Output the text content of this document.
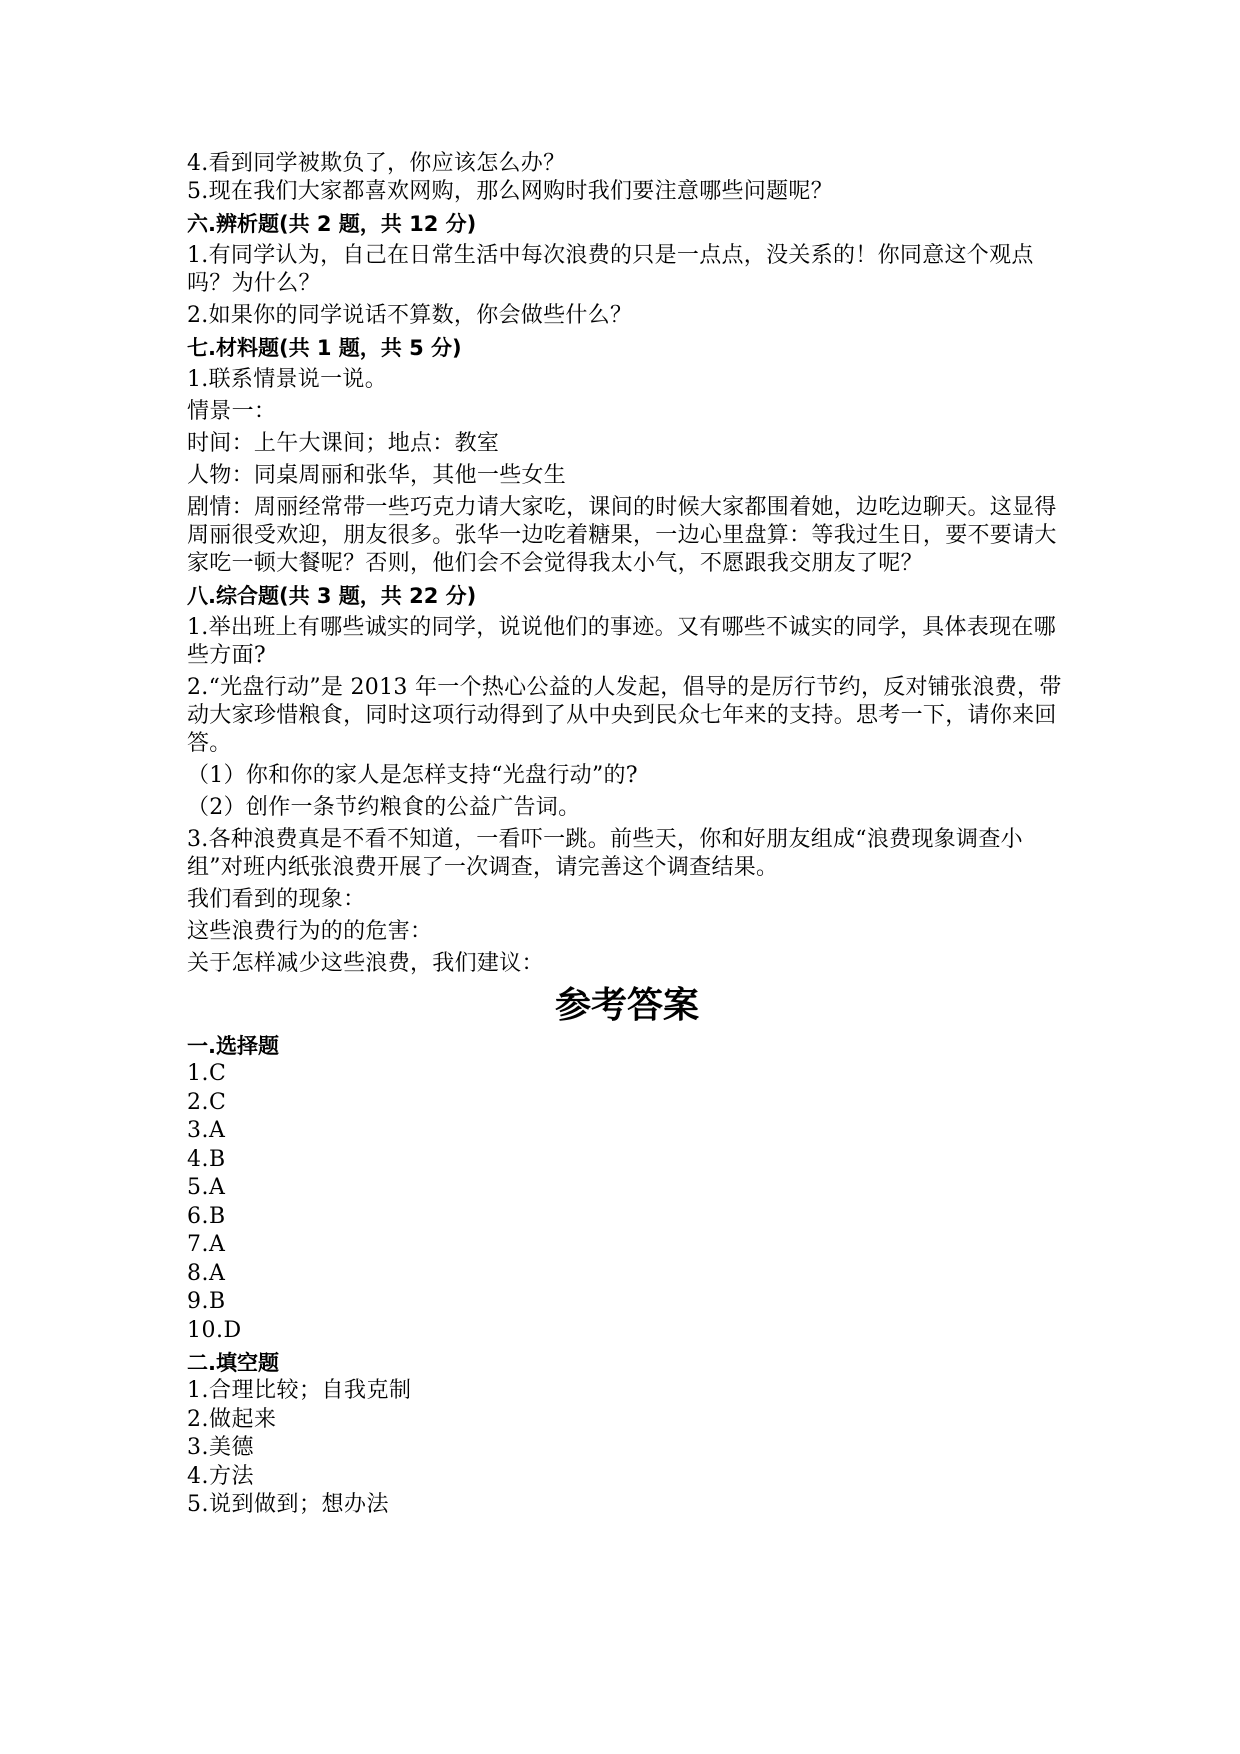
4.看到同学被欺负了，你应该怎么办？
5.现在我们大家都喜欢网购，那么网购时我们要注意哪些问题呢？
六.辨析题(共 2 题，共 12 分)
1.有同学认为，自己在日常生活中每次浪费的只是一点点，没关系的！你同意这个观点吗？为什么？
2.如果你的同学说话不算数，你会做些什么？
七.材料题(共 1 题，共 5 分)
1.联系情景说一说。
情景一：
时间：上午大课间；地点：教室
人物：同桌周丽和张华，其他一些女生
剧情：周丽经常带一些巧克力请大家吃，课间的时候大家都围着她，边吃边聊天。这显得周丽很受欢迎，朋友很多。张华一边吃着糖果，一边心里盘算：等我过生日，要不要请大家吃一顿大餐呢？否则，他们会不会觉得我太小气，不愿跟我交朋友了呢？
八.综合题(共 3 题，共 22 分)
1.举出班上有哪些诚实的同学，说说他们的事迹。又有哪些不诚实的同学，具体表现在哪些方面?
2.“光盘行动”是 2013 年一个热心公益的人发起，倡导的是厉行节约，反对铺张浪费，带动大家珍惜粮食，同时这项行动得到了从中央到民众七年来的支持。思考一下，请你来回答。
（1）你和你的家人是怎样支持“光盘行动”的?
（2）创作一条节约粮食的公益广告词。
3.各种浪费真是不看不知道，一看吓一跳。前些天，你和好朋友组成“浪费现象调查小组”对班内纸张浪费开展了一次调查，请完善这个调查结果。
我们看到的现象：
这些浪费行为的的危害：
关于怎样减少这些浪费，我们建议：
参考答案
一.选择题
1.C
2.C
3.A
4.B
5.A
6.B
7.A
8.A
9.B
10.D
二.填空题
1.合理比较；自我克制
2.做起来
3.美德
4.方法
5.说到做到；想办法
